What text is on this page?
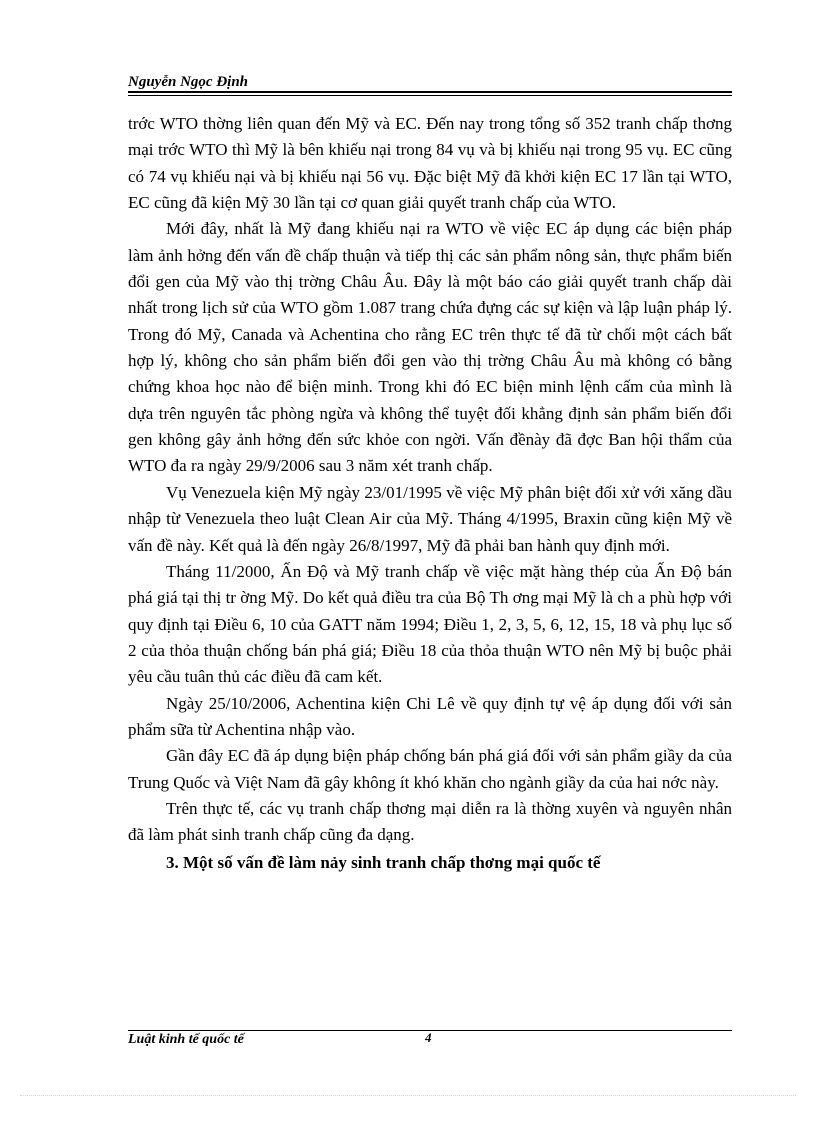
Nguyễn Ngọc Định

trớc WTO thờng liên quan đến Mỹ và EC. Đến nay trong tổng số 352 tranh chấp thơng mại trớc WTO thì Mỹ là bên khiếu nại trong 84 vụ và bị khiếu nại trong 95 vụ. EC cũng có 74 vụ khiếu nại và bị khiếu nại 56 vụ. Đặc biệt Mỹ đã khởi kiện EC 17 lần tại WTO, EC cũng đã kiện Mỹ 30 lần tại cơ quan giải quyết tranh chấp của WTO.

Mới đây, nhất là Mỹ đang khiếu nại ra WTO về việc EC áp dụng các biện pháp làm ảnh hởng đến vấn đề chấp thuận và tiếp thị các sản phẩm nông sản, thực phẩm biến đổi gen của Mỹ vào thị trờng Châu Âu. Đây là một báo cáo giải quyết tranh chấp dài nhất trong lịch sử của WTO gồm 1.087 trang chứa đựng các sự kiện và lập luận pháp lý. Trong đó Mỹ, Canada và Achentina cho rằng EC trên thực tế đã từ chối một cách bất hợp lý, không cho sản phẩm biến đổi gen vào thị trờng Châu Âu mà không có bằng chứng khoa học nào để biện minh. Trong khi đó EC biện minh lệnh cấm của mình là dựa trên nguyên tắc phòng ngừa và không thể tuyệt đối khẳng định sản phẩm biến đổi gen không gây ảnh hởng đến sức khỏe con ngời. Vấn đềnày đã đợc Ban hội thẩm của WTO đa ra ngày 29/9/2006 sau 3 năm xét tranh chấp.

Vụ Venezuela kiện Mỹ ngày 23/01/1995 về việc Mỹ phân biệt đối xử với xăng dầu nhập từ Venezuela theo luật Clean Air của Mỹ. Tháng 4/1995, Braxin cũng kiện Mỹ về vấn đề này. Kết quả là đến ngày 26/8/1997, Mỹ đã phải ban hành quy định mới.

Tháng 11/2000, Ấn Độ và Mỹ tranh chấp về việc mặt hàng thép của Ấn Độ bán phá giá tại thị tr ờng Mỹ. Do kết quả điều tra của Bộ Th ơng mại Mỹ là ch a phù hợp với quy định tại Điều 6, 10 của GATT năm 1994; Điều 1, 2, 3, 5, 6, 12, 15, 18 và phụ lục số 2 của thỏa thuận chống bán phá giá; Điều 18 của thỏa thuận WTO nên Mỹ bị buộc phải yêu cầu tuân thủ các điều đã cam kết.

Ngày 25/10/2006, Achentina kiện Chi Lê về quy định tự vệ áp dụng đối với sản phẩm sữa từ Achentina nhập vào.

Gần đây EC đã áp dụng biện pháp chống bán phá giá đối với sản phẩm giầy da của Trung Quốc và Việt Nam đã gây không ít khó khăn cho ngành giầy da của hai nớc này.

Trên thực tế, các vụ tranh chấp thơng mại diễn ra là thờng xuyên và nguyên nhân đã làm phát sinh tranh chấp cũng đa dạng.

3. Một số vấn đề làm nảy sinh tranh chấp thơng mại quốc tế

Luật kinh tế quốc tế	4
